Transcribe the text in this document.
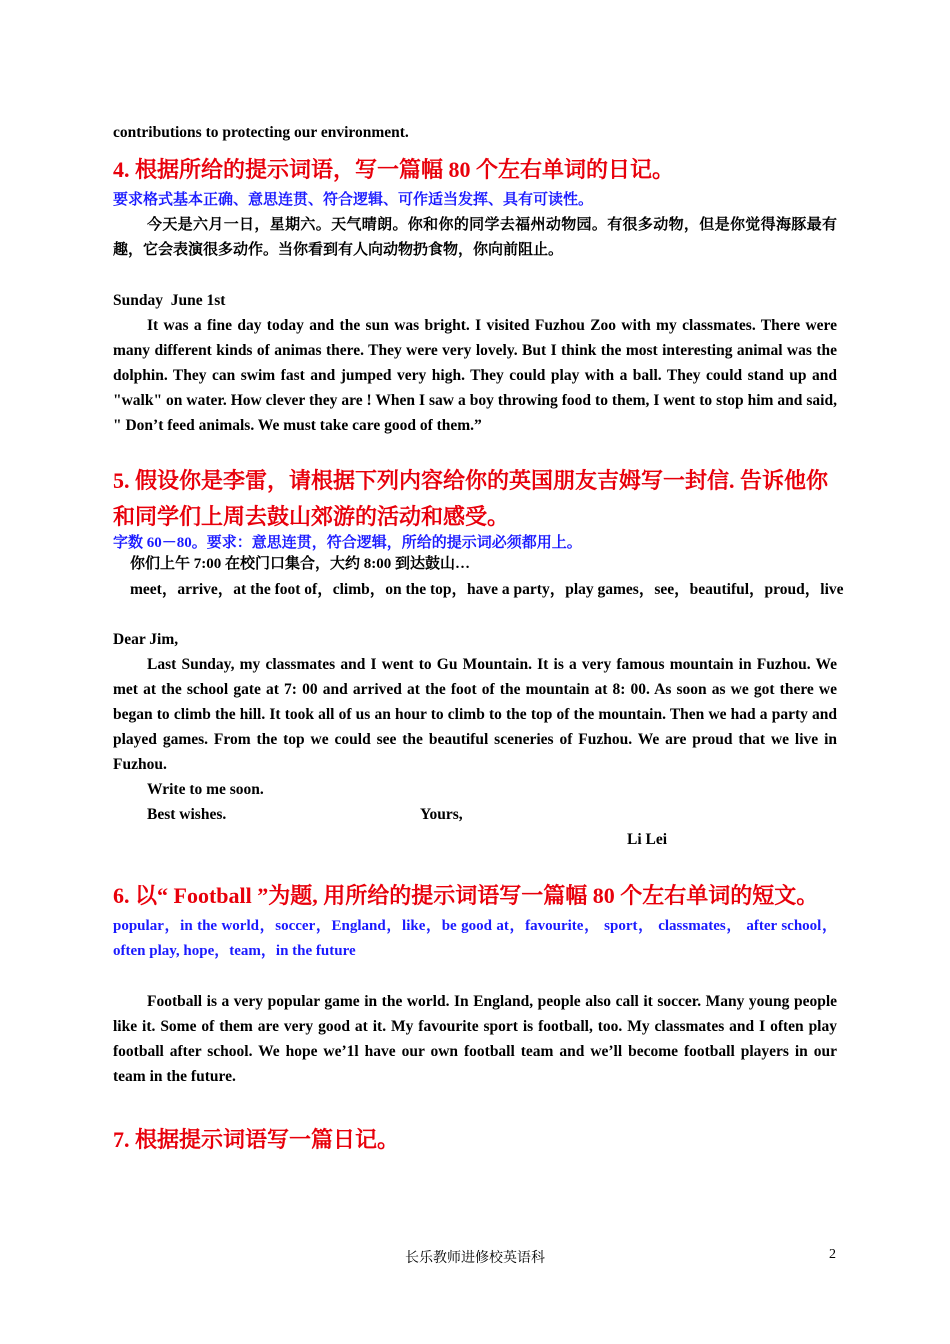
contributions to protecting our environment.

4. 根据所给的提示词语，写一篇幅 80 个左右单词的日记。

要求格式基本正确、意思连贯、符合逻辑、可作适当发挥、具有可读性。

今天是六月一日，星期六。天气晴朗。你和你的同学去福州动物园。有很多动物，但是你觉得海豚最有趣，它会表演很多动作。当你看到有人向动物扔食物，你向前阻止。

Sunday  June 1st

It was a fine day today and the sun was bright. I visited Fuzhou Zoo with my classmates. There were many different kinds of animas there. They were very lovely. But I think the most interesting animal was the dolphin. They can swim fast and jumped very high. They could play with a ball. They could stand up and "walk" on water. How clever they are ! When I saw a boy throwing food to them, I went to stop him and said, " Don’t feed animals. We must take care good of them.”

5. 假设你是李雷，请根据下列内容给你的英国朋友吉姆写一封信. 告诉他你和同学们上周去鼓山郊游的活动和感受。

字数 60－80。要求：意思连贯，符合逻辑，所给的提示词必须都用上。

你们上午 7:00 在校门口集合，大约 8:00 到达鼓山…

meet，arrive，at the foot of，climb，on the top，have a party，play games，see，beautiful，proud，live

Dear Jim,

Last Sunday, my classmates and I went to Gu Mountain. It is a very famous mountain in Fuzhou. We met at the school gate at 7: 00 and arrived at the foot of the mountain at 8: 00. As soon as we got there we began to climb the hill. It took all of us an hour to climb to the top of the mountain. Then we had a party and played games. From the top we could see the beautiful sceneries of Fuzhou. We are proud that we live in Fuzhou.

Write to me soon.

Best wishes.	Yours,
Li Lei

6. 以“ Football ”为题, 用所给的提示词语写一篇幅 80 个左右单词的短文。

popular，in the world，soccer，England，like，be good at，favourite， sport， classmates， after school，often play, hope，team，in the future

Football is a very popular game in the world. In England, people also call it soccer. Many young people like it. Some of them are very good at it. My favourite sport is football, too. My classmates and I often play football after school. We hope we’1l have our own football team and we’ll become football players in our team in the future.

7. 根据提示词语写一篇日记。

长乐教师进修校英语科	2
